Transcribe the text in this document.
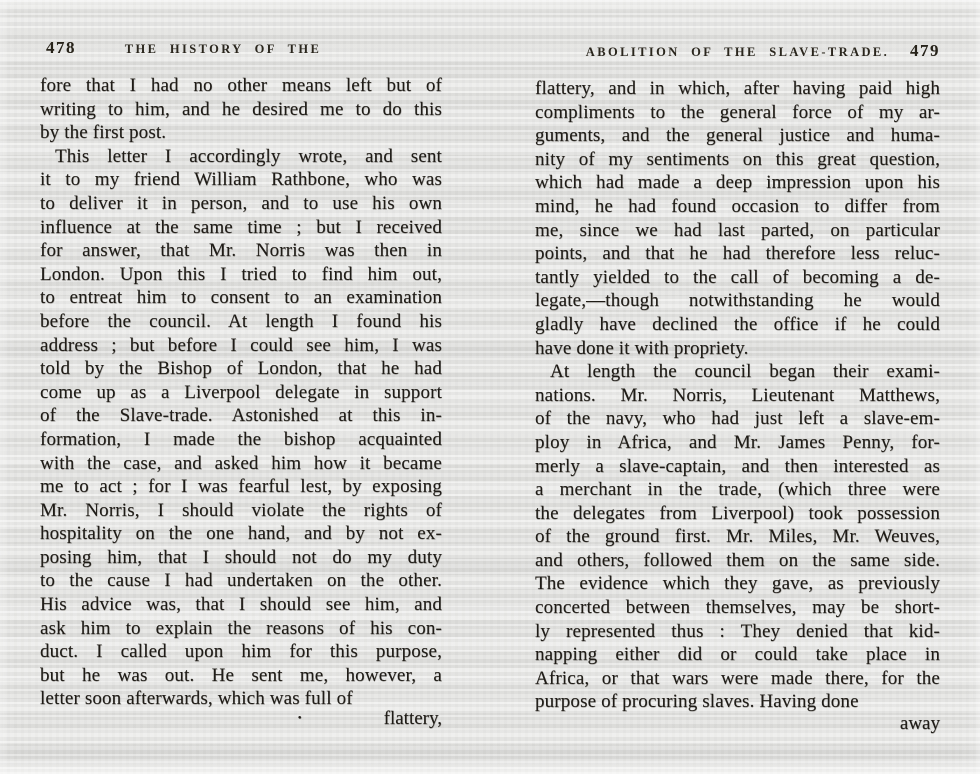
478	THE HISTORY OF THE
fore that I had no other means left but of
writing to him, and he desired me to do this
by the first post.
This letter I accordingly wrote, and sent
it to my friend William Rathbone, who was
to deliver it in person, and to use his own
influence at the same time ; but I received
for answer, that Mr. Norris was then in
London. Upon this I tried to find him out,
to entreat him to consent to an examination
before the council. At length I found his
address ; but before I could see him, I was
told by the Bishop of London, that he had
come up as a Liverpool delegate in support
of the Slave-trade. Astonished at this in-
formation, I made the bishop acquainted
with the case, and asked him how it became
me to act ; for I was fearful lest, by exposing
Mr. Norris, I should violate the rights of
hospitality on the one hand, and by not ex-
posing him, that I should not do my duty
to the cause I had undertaken on the other.
His advice was, that I should see him, and
ask him to explain the reasons of his con-
duct. I called upon him for this purpose,
but he was out. He sent me, however, a
letter soon afterwards, which was full of
•	flattery,
ABOLITION OF THE SLAVE-TRADE.	479
flattery, and in which, after having paid high
compliments to the general force of my ar-
guments, and the general justice and huma-
nity of my sentiments on this great question,
which had made a deep impression upon his
mind, he had found occasion to differ from
me, since we had last parted, on particular
points, and that he had therefore less reluc-
tantly yielded to the call of becoming a de-
legate,—though notwithstanding he would
gladly have declined the office if he could
have done it with propriety.
At length the council began their exami-
nations. Mr. Norris, Lieutenant Matthews,
of the navy, who had just left a slave-em-
ploy in Africa, and Mr. James Penny, for-
merly a slave-captain, and then interested as
a merchant in the trade, (which three were
the delegates from Liverpool) took possession
of the ground first. Mr. Miles, Mr. Weuves,
and others, followed them on the same side.
The evidence which they gave, as previously
concerted between themselves, may be short-
ly represented thus : They denied that kid-
napping either did or could take place in
Africa, or that wars were made there, for the
purpose of procuring slaves. Having done
away
